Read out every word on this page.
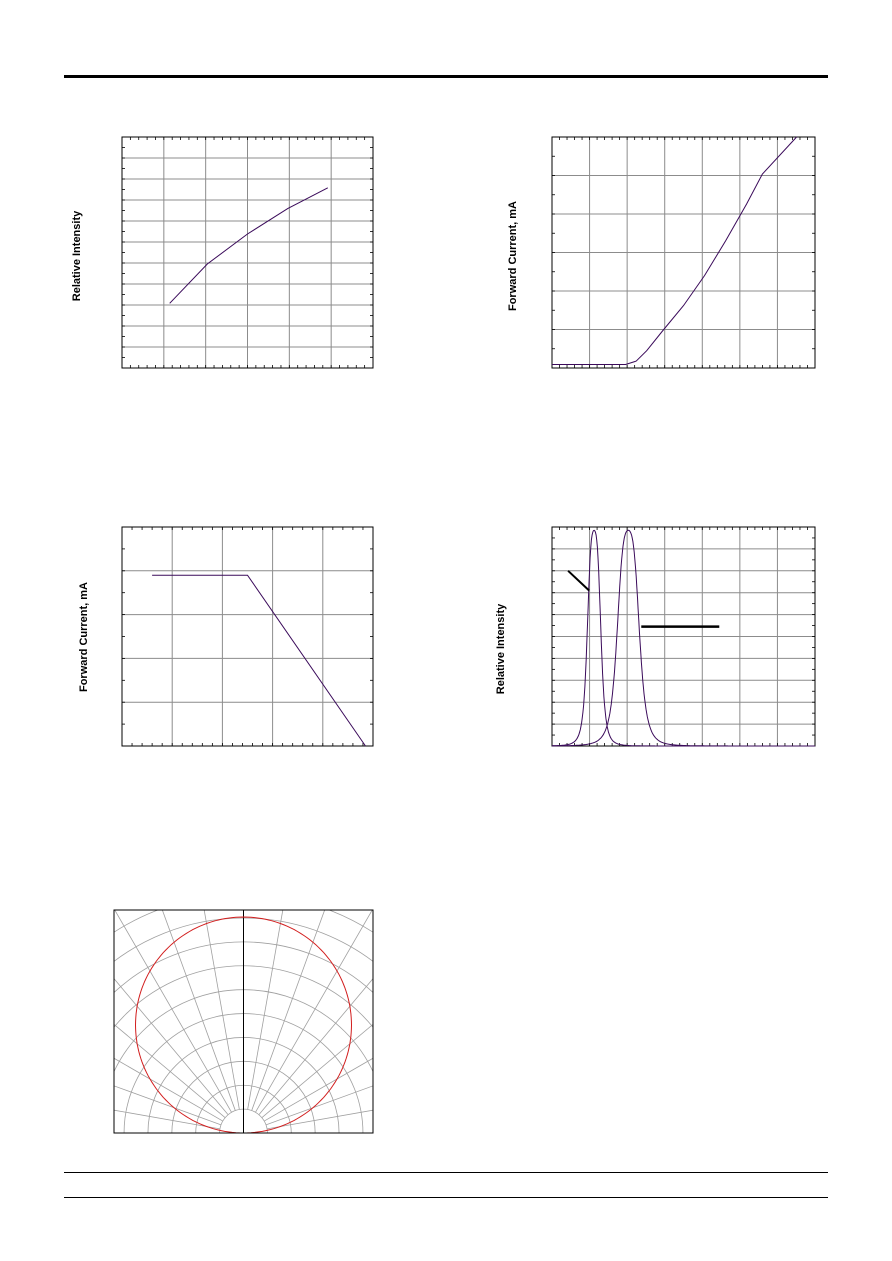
Relative Intensity	Forward Current, mA
Forward Current, mA	Relative Intensity
